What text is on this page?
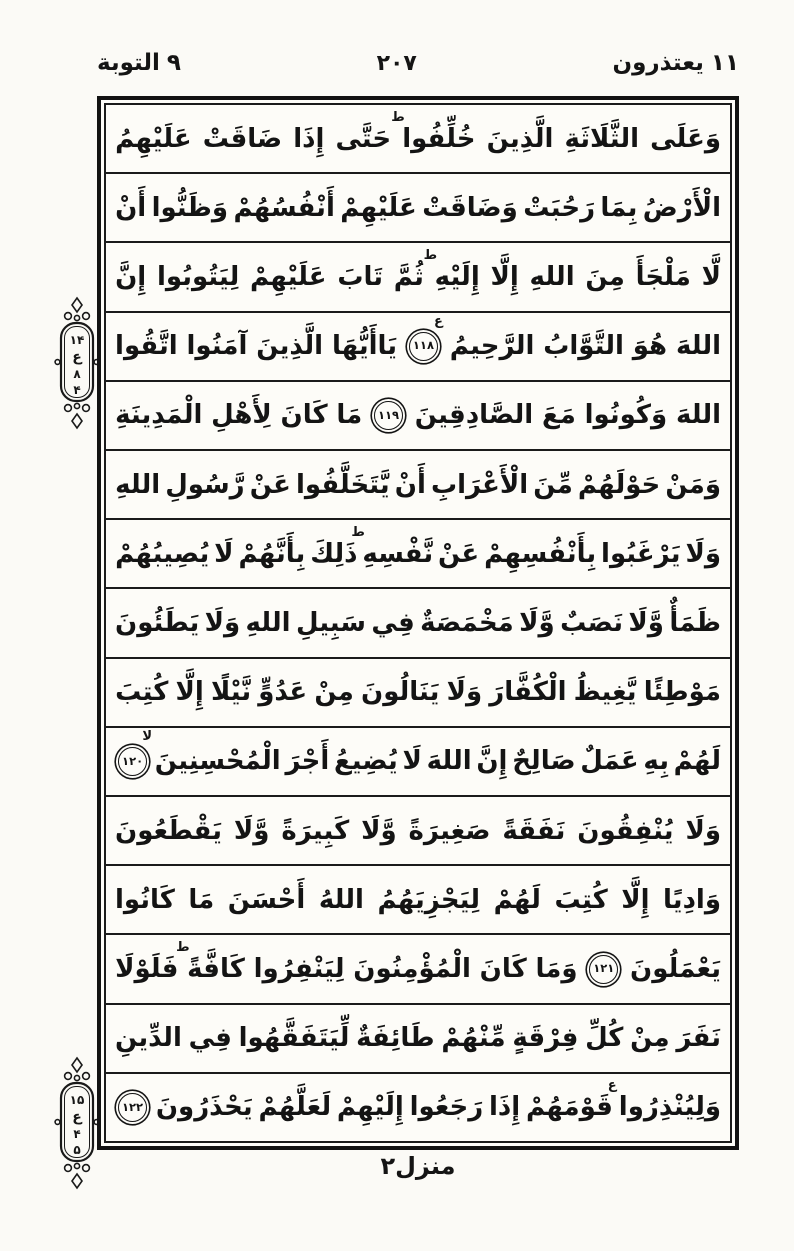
التوبة ۹	۲۰۷	يعتذرون ۱۱
۱۴
ع
۸
۴
۱۵
ع
۴
۵
وَعَلَى
الثَّلَاثَةِ
الَّذِينَ
خُلِّفُوا
ط
حَتَّى
إِذَا
ضَاقَتْ
عَلَيْهِمُ
الْأَرْضُ
بِمَا
رَحُبَتْ
وَضَاقَتْ
عَلَيْهِمْ
أَنْفُسُهُمْ
وَظَنُّوا
أَنْ
لَّا
مَلْجَأَ
مِنَ
اللهِ
إِلَّا
إِلَيْهِ
ط
ثُمَّ
تَابَ
عَلَيْهِمْ
لِيَتُوبُوا
إِنَّ
اللهَ
هُوَ
التَّوَّابُ
الرَّحِيمُ
۱۱۸
ع
يَاأَيُّهَا
الَّذِينَ
آمَنُوا
اتَّقُوا
اللهَ
وَكُونُوا
مَعَ
الصَّادِقِينَ
۱۱۹
مَا
كَانَ
لِأَهْلِ
الْمَدِينَةِ
وَمَنْ
حَوْلَهُمْ
مِّنَ
الْأَعْرَابِ
أَنْ
يَّتَخَلَّفُوا
عَنْ
رَّسُولِ
اللهِ
وَلَا
يَرْغَبُوا
بِأَنْفُسِهِمْ
عَنْ
نَّفْسِهِ
ط
ذَلِكَ
بِأَنَّهُمْ
لَا
يُصِيبُهُمْ
ظَمَأٌ
وَّلَا
نَصَبٌ
وَّلَا
مَخْمَصَةٌ
فِي
سَبِيلِ
اللهِ
وَلَا
يَطَئُونَ
مَوْطِئًا
يَّغِيظُ
الْكُفَّارَ
وَلَا
يَنَالُونَ
مِنْ
عَدُوٍّ
نَّيْلًا
إِلَّا
كُتِبَ
لَهُمْ
بِهِ
عَمَلٌ
صَالِحٌ
إِنَّ
اللهَ
لَا
يُضِيعُ
أَجْرَ
الْمُحْسِنِينَ
۱۲۰
لا
وَلَا
يُنْفِقُونَ
نَفَقَةً
صَغِيرَةً
وَّلَا
كَبِيرَةً
وَّلَا
يَقْطَعُونَ
وَادِيًا
إِلَّا
كُتِبَ
لَهُمْ
لِيَجْزِيَهُمُ
اللهُ
أَحْسَنَ
مَا
كَانُوا
يَعْمَلُونَ
۱۲۱
وَمَا
كَانَ
الْمُؤْمِنُونَ
لِيَنْفِرُوا
كَافَّةً
ط
فَلَوْلَا
نَفَرَ
مِنْ
كُلِّ
فِرْقَةٍ
مِّنْهُمْ
طَائِفَةٌ
لِّيَتَفَقَّهُوا
فِي
الدِّينِ
وَلِيُنْذِرُوا
ع
قَوْمَهُمْ
إِذَا
رَجَعُوا
إِلَيْهِمْ
لَعَلَّهُمْ
يَحْذَرُونَ
۱۲۲
منزل۲
